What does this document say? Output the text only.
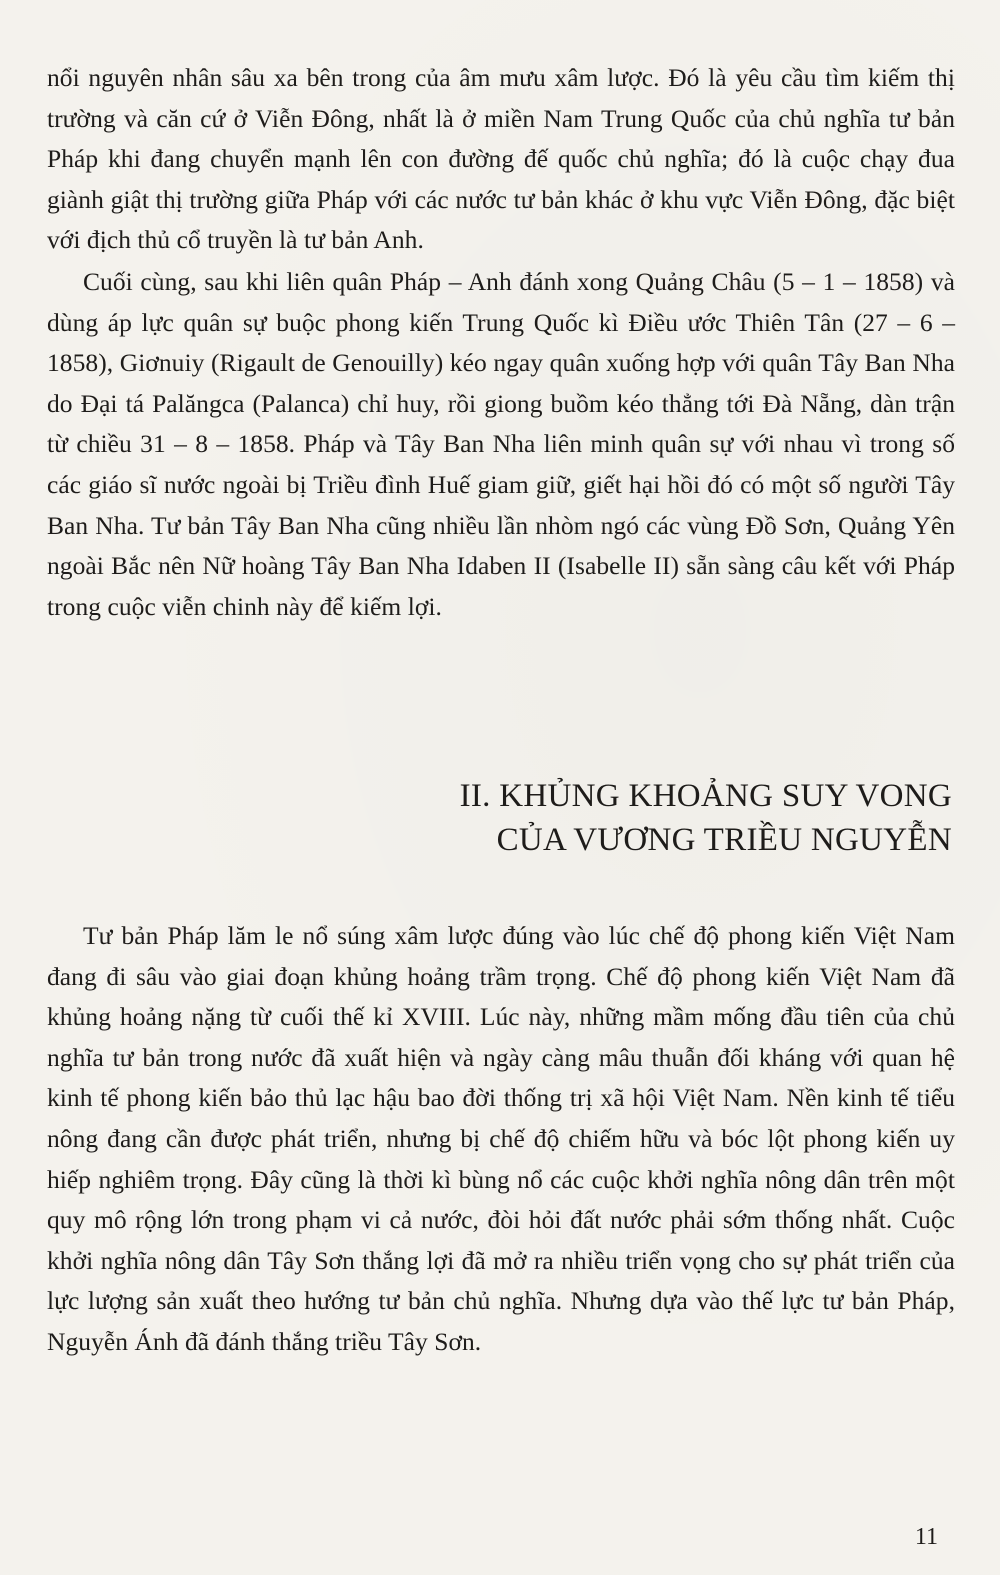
nổi nguyên nhân sâu xa bên trong của âm mưu xâm lược. Đó là yêu cầu tìm kiếm thị trường và căn cứ ở Viễn Đông, nhất là ở miền Nam Trung Quốc của chủ nghĩa tư bản Pháp khi đang chuyển mạnh lên con đường đế quốc chủ nghĩa; đó là cuộc chạy đua giành giật thị trường giữa Pháp với các nước tư bản khác ở khu vực Viễn Đông, đặc biệt với địch thủ cổ truyền là tư bản Anh.

Cuối cùng, sau khi liên quân Pháp – Anh đánh xong Quảng Châu (5 – 1 – 1858) và dùng áp lực quân sự buộc phong kiến Trung Quốc kì Điều ước Thiên Tân (27 – 6 – 1858), Giơnuiy (Rigault de Genouilly) kéo ngay quân xuống hợp với quân Tây Ban Nha do Đại tá Palăngca (Palanca) chỉ huy, rồi giong buồm kéo thẳng tới Đà Nẵng, dàn trận từ chiều 31 – 8 – 1858. Pháp và Tây Ban Nha liên minh quân sự với nhau vì trong số các giáo sĩ nước ngoài bị Triều đình Huế giam giữ, giết hại hồi đó có một số người Tây Ban Nha. Tư bản Tây Ban Nha cũng nhiều lần nhòm ngó các vùng Đồ Sơn, Quảng Yên ngoài Bắc nên Nữ hoàng Tây Ban Nha Idaben II (Isabelle II) sẵn sàng câu kết với Pháp trong cuộc viễn chinh này để kiếm lợi.

II. KHỦNG KHOẢNG SUY VONG
CỦA VƯƠNG TRIỀU NGUYỄN

Tư bản Pháp lăm le nổ súng xâm lược đúng vào lúc chế độ phong kiến Việt Nam đang đi sâu vào giai đoạn khủng hoảng trầm trọng. Chế độ phong kiến Việt Nam đã khủng hoảng nặng từ cuối thế kỉ XVIII. Lúc này, những mầm mống đầu tiên của chủ nghĩa tư bản trong nước đã xuất hiện và ngày càng mâu thuẫn đối kháng với quan hệ kinh tế phong kiến bảo thủ lạc hậu bao đời thống trị xã hội Việt Nam. Nền kinh tế tiểu nông đang cần được phát triển, nhưng bị chế độ chiếm hữu và bóc lột phong kiến uy hiếp nghiêm trọng. Đây cũng là thời kì bùng nổ các cuộc khởi nghĩa nông dân trên một quy mô rộng lớn trong phạm vi cả nước, đòi hỏi đất nước phải sớm thống nhất. Cuộc khởi nghĩa nông dân Tây Sơn thắng lợi đã mở ra nhiều triển vọng cho sự phát triển của lực lượng sản xuất theo hướng tư bản chủ nghĩa. Nhưng dựa vào thế lực tư bản Pháp, Nguyễn Ánh đã đánh thắng triều Tây Sơn.

11
